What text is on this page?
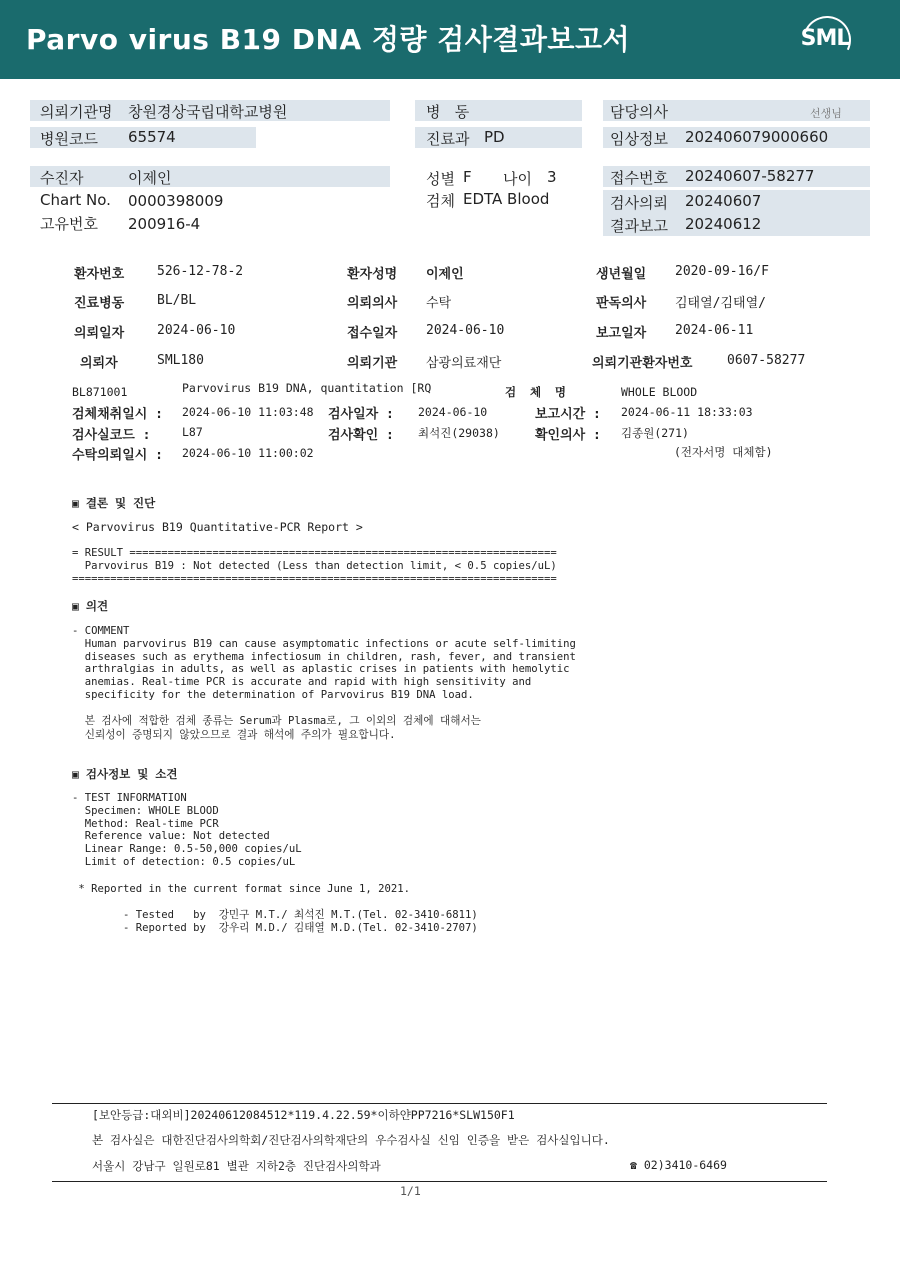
Parvo virus B19 DNA 정량 검사결과보고서	SML
의뢰기관명 창원경상국립대학교병원	병   동	담당의사	선생님
병원코드 65574	진료과 PD	임상정보 202406079000660
수진자	이제인	성별 F 나이 3	접수번호 20240607-58277
Chart No. 0000398009	검체 EDTA Blood	검사의뢰 20240607
고유번호 200916-4	결과보고 20240612
환자번호	526-12-78-2	환자성명 이제인	생년월일 2020-09-16/F
진료병동	BL/BL	의뢰의사 수탁	판독의사 김태열/김태열/
의뢰일자	2024-06-10	접수일자 2024-06-10	보고일자 2024-06-11
의뢰자	SML180	의뢰기관 삼광의료재단	의뢰기관환자번호	0607-58277
BL871001	Parvovirus B19 DNA, quantitation [RQ	검  체  명	WHOLE BLOOD
검체채취일시 : 2024-06-10 11:03:48 검사일자 : 2024-06-10	보고시간 : 2024-06-11 18:33:03
검사실코드 :	L87	검사확인 : 최석진(29038)	확인의사 : 김종원(271)
수탁의뢰일시 : 2024-06-10 11:00:02	(전자서명 대체함)
▣ 결론 및 진단
< Parvovirus B19 Quantitative-PCR Report >
= RESULT ===================================================================
Parvovirus B19 : Not detected (Less than detection limit, < 0.5 copies/uL)
============================================================================
▣ 의견
- COMMENT
Human parvovirus B19 can cause asymptomatic infections or acute self-limiting
diseases such as erythema infectiosum in children, rash, fever, and transient
arthralgias in adults, as well as aplastic crises in patients with hemolytic
anemias. Real-time PCR is accurate and rapid with high sensitivity and
specificity for the determination of Parvovirus B19 DNA load.
본 검사에 적합한 검체 종류는 Serum과 Plasma로, 그 이외의 검체에 대해서는
신뢰성이 증명되지 않았으므로 결과 해석에 주의가 필요합니다.
▣ 검사정보 및 소견
- TEST INFORMATION
Specimen: WHOLE BLOOD
Method: Real-time PCR
Reference value: Not detected
Linear Range: 0.5-50,000 copies/uL
Limit of detection: 0.5 copies/uL
* Reported in the current format since June 1, 2021.
- Tested   by  강민구 M.T./ 최석진 M.T.(Tel. 02-3410-6811)
- Reported by  강우리 M.D./ 김태열 M.D.(Tel. 02-3410-2707)
[보안등급:대외비]20240612084512*119.4.22.59*이하얀PP7216*SLW150F1
본 검사실은 대한진단검사의학회/진단검사의학재단의 우수검사실 신임 인증을 받은 검사실입니다.
서울시 강남구 일원로81 별관 지하2층 진단검사의학과	☎ 02)3410-6469
1/1
